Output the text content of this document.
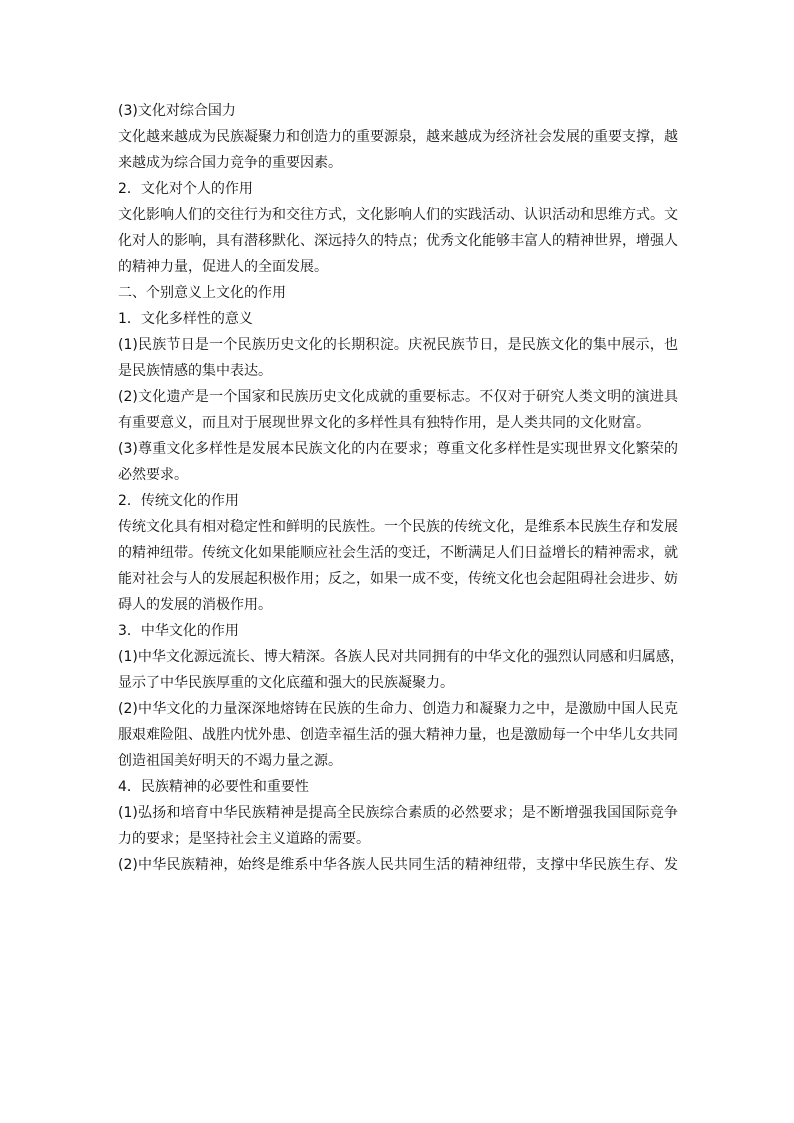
(3)文化对综合国力
文化越来越成为民族凝聚力和创造力的重要源泉，越来越成为经济社会发展的重要支撑，越
来越成为综合国力竞争的重要因素。
2．文化对个人的作用
文化影响人们的交往行为和交往方式，文化影响人们的实践活动、认识活动和思维方式。文
化对人的影响，具有潜移默化、深远持久的特点；优秀文化能够丰富人的精神世界，增强人
的精神力量，促进人的全面发展。
二、个别意义上文化的作用
1．文化多样性的意义
(1)民族节日是一个民族历史文化的长期积淀。庆祝民族节日，是民族文化的集中展示，也
是民族情感的集中表达。
(2)文化遗产是一个国家和民族历史文化成就的重要标志。不仅对于研究人类文明的演进具
有重要意义，而且对于展现世界文化的多样性具有独特作用，是人类共同的文化财富。
(3)尊重文化多样性是发展本民族文化的内在要求；尊重文化多样性是实现世界文化繁荣的
必然要求。
2．传统文化的作用
传统文化具有相对稳定性和鲜明的民族性。一个民族的传统文化，是维系本民族生存和发展
的精神纽带。传统文化如果能顺应社会生活的变迁，不断满足人们日益增长的精神需求，就
能对社会与人的发展起积极作用；反之，如果一成不变，传统文化也会起阻碍社会进步、妨
碍人的发展的消极作用。
3．中华文化的作用
(1)中华文化源远流长、博大精深。各族人民对共同拥有的中华文化的强烈认同感和归属感，
显示了中华民族厚重的文化底蕴和强大的民族凝聚力。
(2)中华文化的力量深深地熔铸在民族的生命力、创造力和凝聚力之中，是激励中国人民克
服艰难险阻、战胜内忧外患、创造幸福生活的强大精神力量，也是激励每一个中华儿女共同
创造祖国美好明天的不竭力量之源。
4．民族精神的必要性和重要性
(1)弘扬和培育中华民族精神是提高全民族综合素质的必然要求；是不断增强我国国际竞争
力的要求；是坚持社会主义道路的需要。
(2)中华民族精神，始终是维系中华各族人民共同生活的精神纽带，支撑中华民族生存、发
